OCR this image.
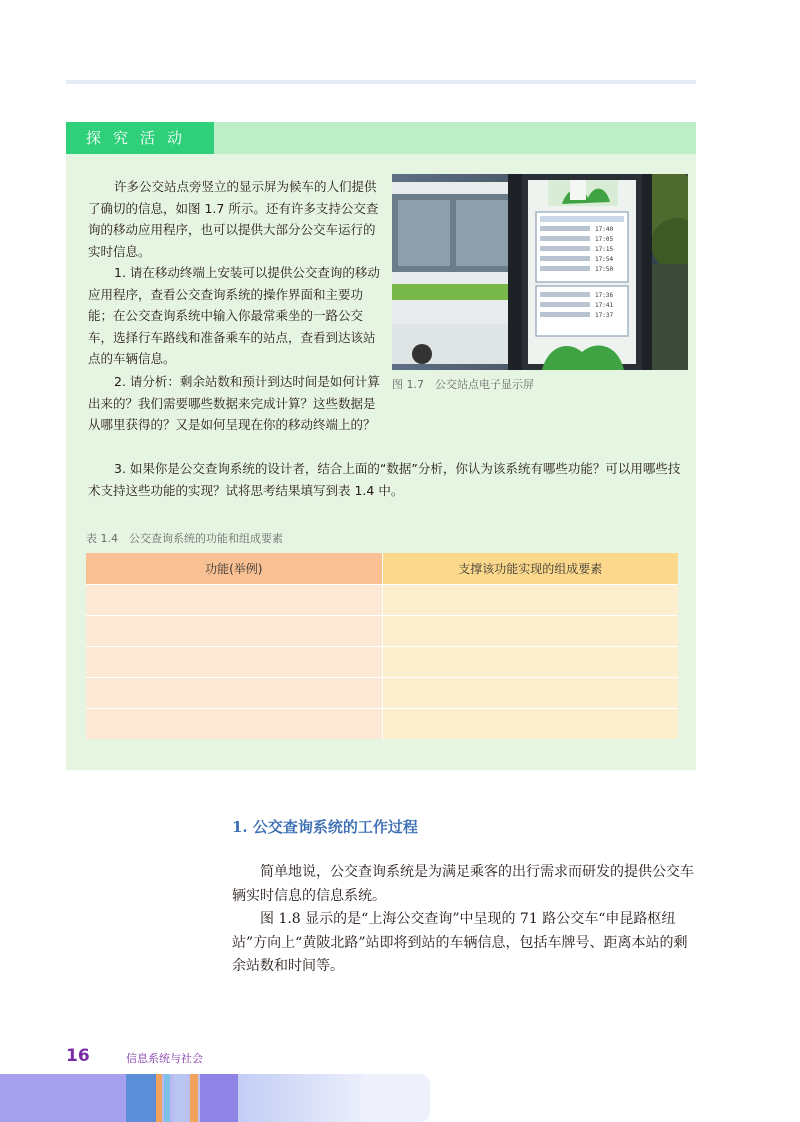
探究活动

许多公交站点旁竖立的显示屏为候车的人们提供了确切的信息，如图 1.7 所示。还有许多支持公交查询的移动应用程序，也可以提供大部分公交车运行的实时信息。

1. 请在移动终端上安装可以提供公交查询的移动应用程序，查看公交查询系统的操作界面和主要功能；在公交查询系统中输入你最常乘坐的一路公交车，选择行车路线和准备乘车的站点，查看到达该站点的车辆信息。

2. 请分析：剩余站数和预计到达时间是如何计算出来的？我们需要哪些数据来完成计算？这些数据是从哪里获得的？又是如何呈现在你的移动终端上的？

3. 如果你是公交查询系统的设计者，结合上面的“数据”分析，你认为该系统有哪些功能？可以用哪些技术支持这些功能的实现？试将思考结果填写到表 1.4 中。

17:40
17:05
17:15
17:54
17:50
17:36
17:41
17:37
图 1.7　公交站点电子显示屏
表 1.4　公交查询系统的功能和组成要素
功能(举例)	支撑该功能实现的组成要素

1. 公交查询系统的工作过程

简单地说，公交查询系统是为满足乘客的出行需求而研发的提供公交车辆实时信息的信息系统。

图 1.8 显示的是“上海公交查询”中呈现的 71 路公交车“申昆路枢纽站”方向上“黄陂北路”站即将到站的车辆信息，包括车牌号、距离本站的剩余站数和时间等。

16	信息系统与社会
